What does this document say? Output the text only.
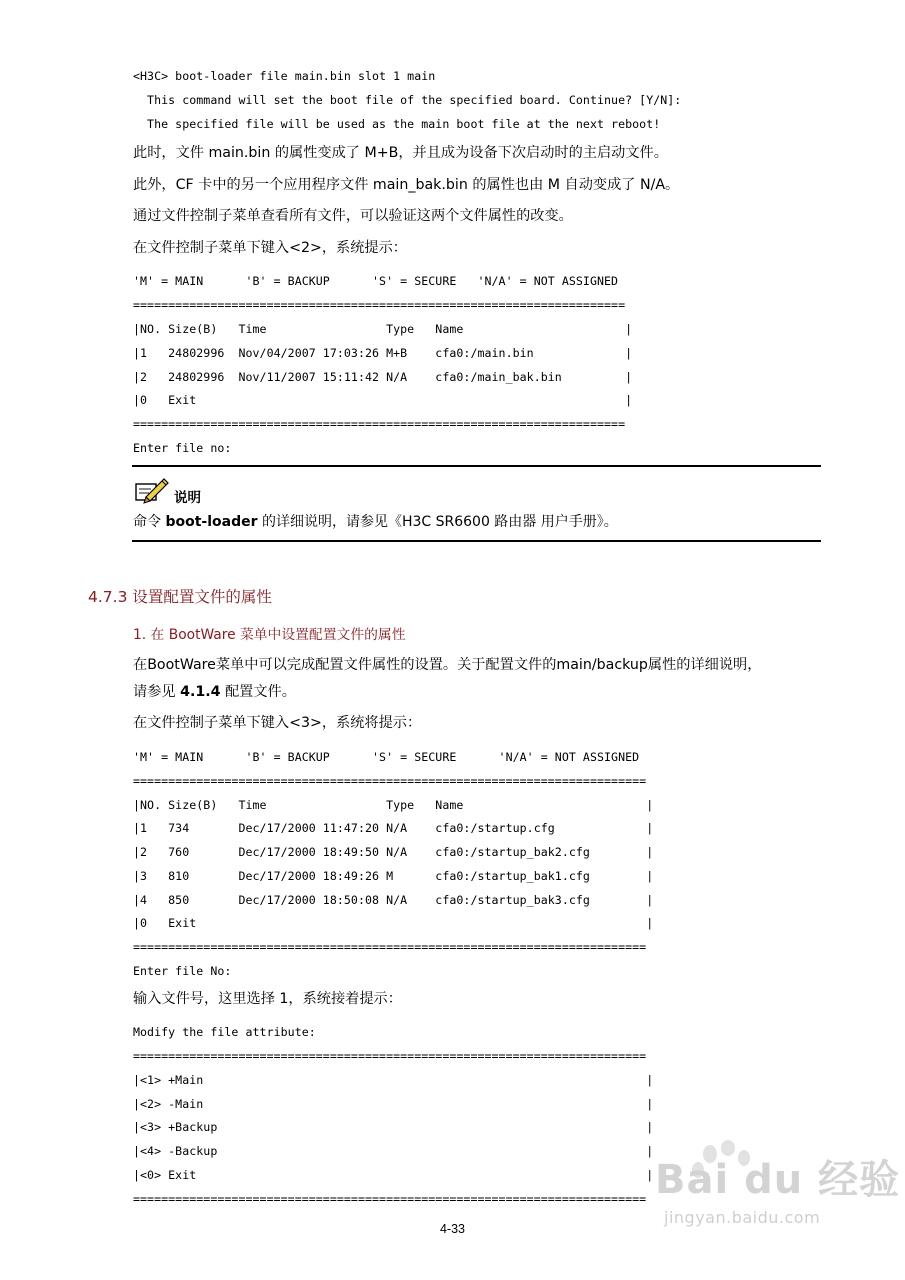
<H3C> boot-loader file main.bin slot 1 main
This command will set the boot file of the specified board. Continue? [Y/N]:
The specified file will be used as the main boot file at the next reboot!
此时，文件 main.bin 的属性变成了 M+B，并且成为设备下次启动时的主启动文件。
此外，CF 卡中的另一个应用程序文件 main_bak.bin 的属性也由 M 自动变成了 N/A。
通过文件控制子菜单查看所有文件，可以验证这两个文件属性的改变。
在文件控制子菜单下键入<2>，系统提示：
'M' = MAIN      'B' = BACKUP      'S' = SECURE   'N/A' = NOT ASSIGNED
======================================================================
|NO. Size(B)   Time                 Type   Name                       |
|1   24802996  Nov/04/2007 17:03:26 M+B    cfa0:/main.bin             |
|2   24802996  Nov/11/2007 15:11:42 N/A    cfa0:/main_bak.bin         |
|0   Exit                                                             |
======================================================================
Enter file no:
说明
命令 boot-loader 的详细说明，请参见《H3C SR6600 路由器 用户手册》。
4.7.3 设置配置文件的属性
1. 在 BootWare 菜单中设置配置文件的属性
在BootWare菜单中可以完成配置文件属性的设置。关于配置文件的main/backup属性的详细说明，
请参见 4.1.4 配置文件。
在文件控制子菜单下键入<3>，系统将提示：
'M' = MAIN      'B' = BACKUP      'S' = SECURE      'N/A' = NOT ASSIGNED
=========================================================================
|NO. Size(B)   Time                 Type   Name                          |
|1   734       Dec/17/2000 11:47:20 N/A    cfa0:/startup.cfg             |
|2   760       Dec/17/2000 18:49:50 N/A    cfa0:/startup_bak2.cfg        |
|3   810       Dec/17/2000 18:49:26 M      cfa0:/startup_bak1.cfg        |
|4   850       Dec/17/2000 18:50:08 N/A    cfa0:/startup_bak3.cfg        |
|0   Exit                                                                |
=========================================================================
Enter file No:
输入文件号，这里选择 1，系统接着提示：
Modify the file attribute:
=========================================================================
|<1> +Main                                                               |
|<2> -Main                                                               |
|<3> +Backup                                                             |
|<4> -Backup                                                             |
|<0> Exit                                                                |
========================================================================= Bai du 经验
jingyan.baidu.com
4-33
